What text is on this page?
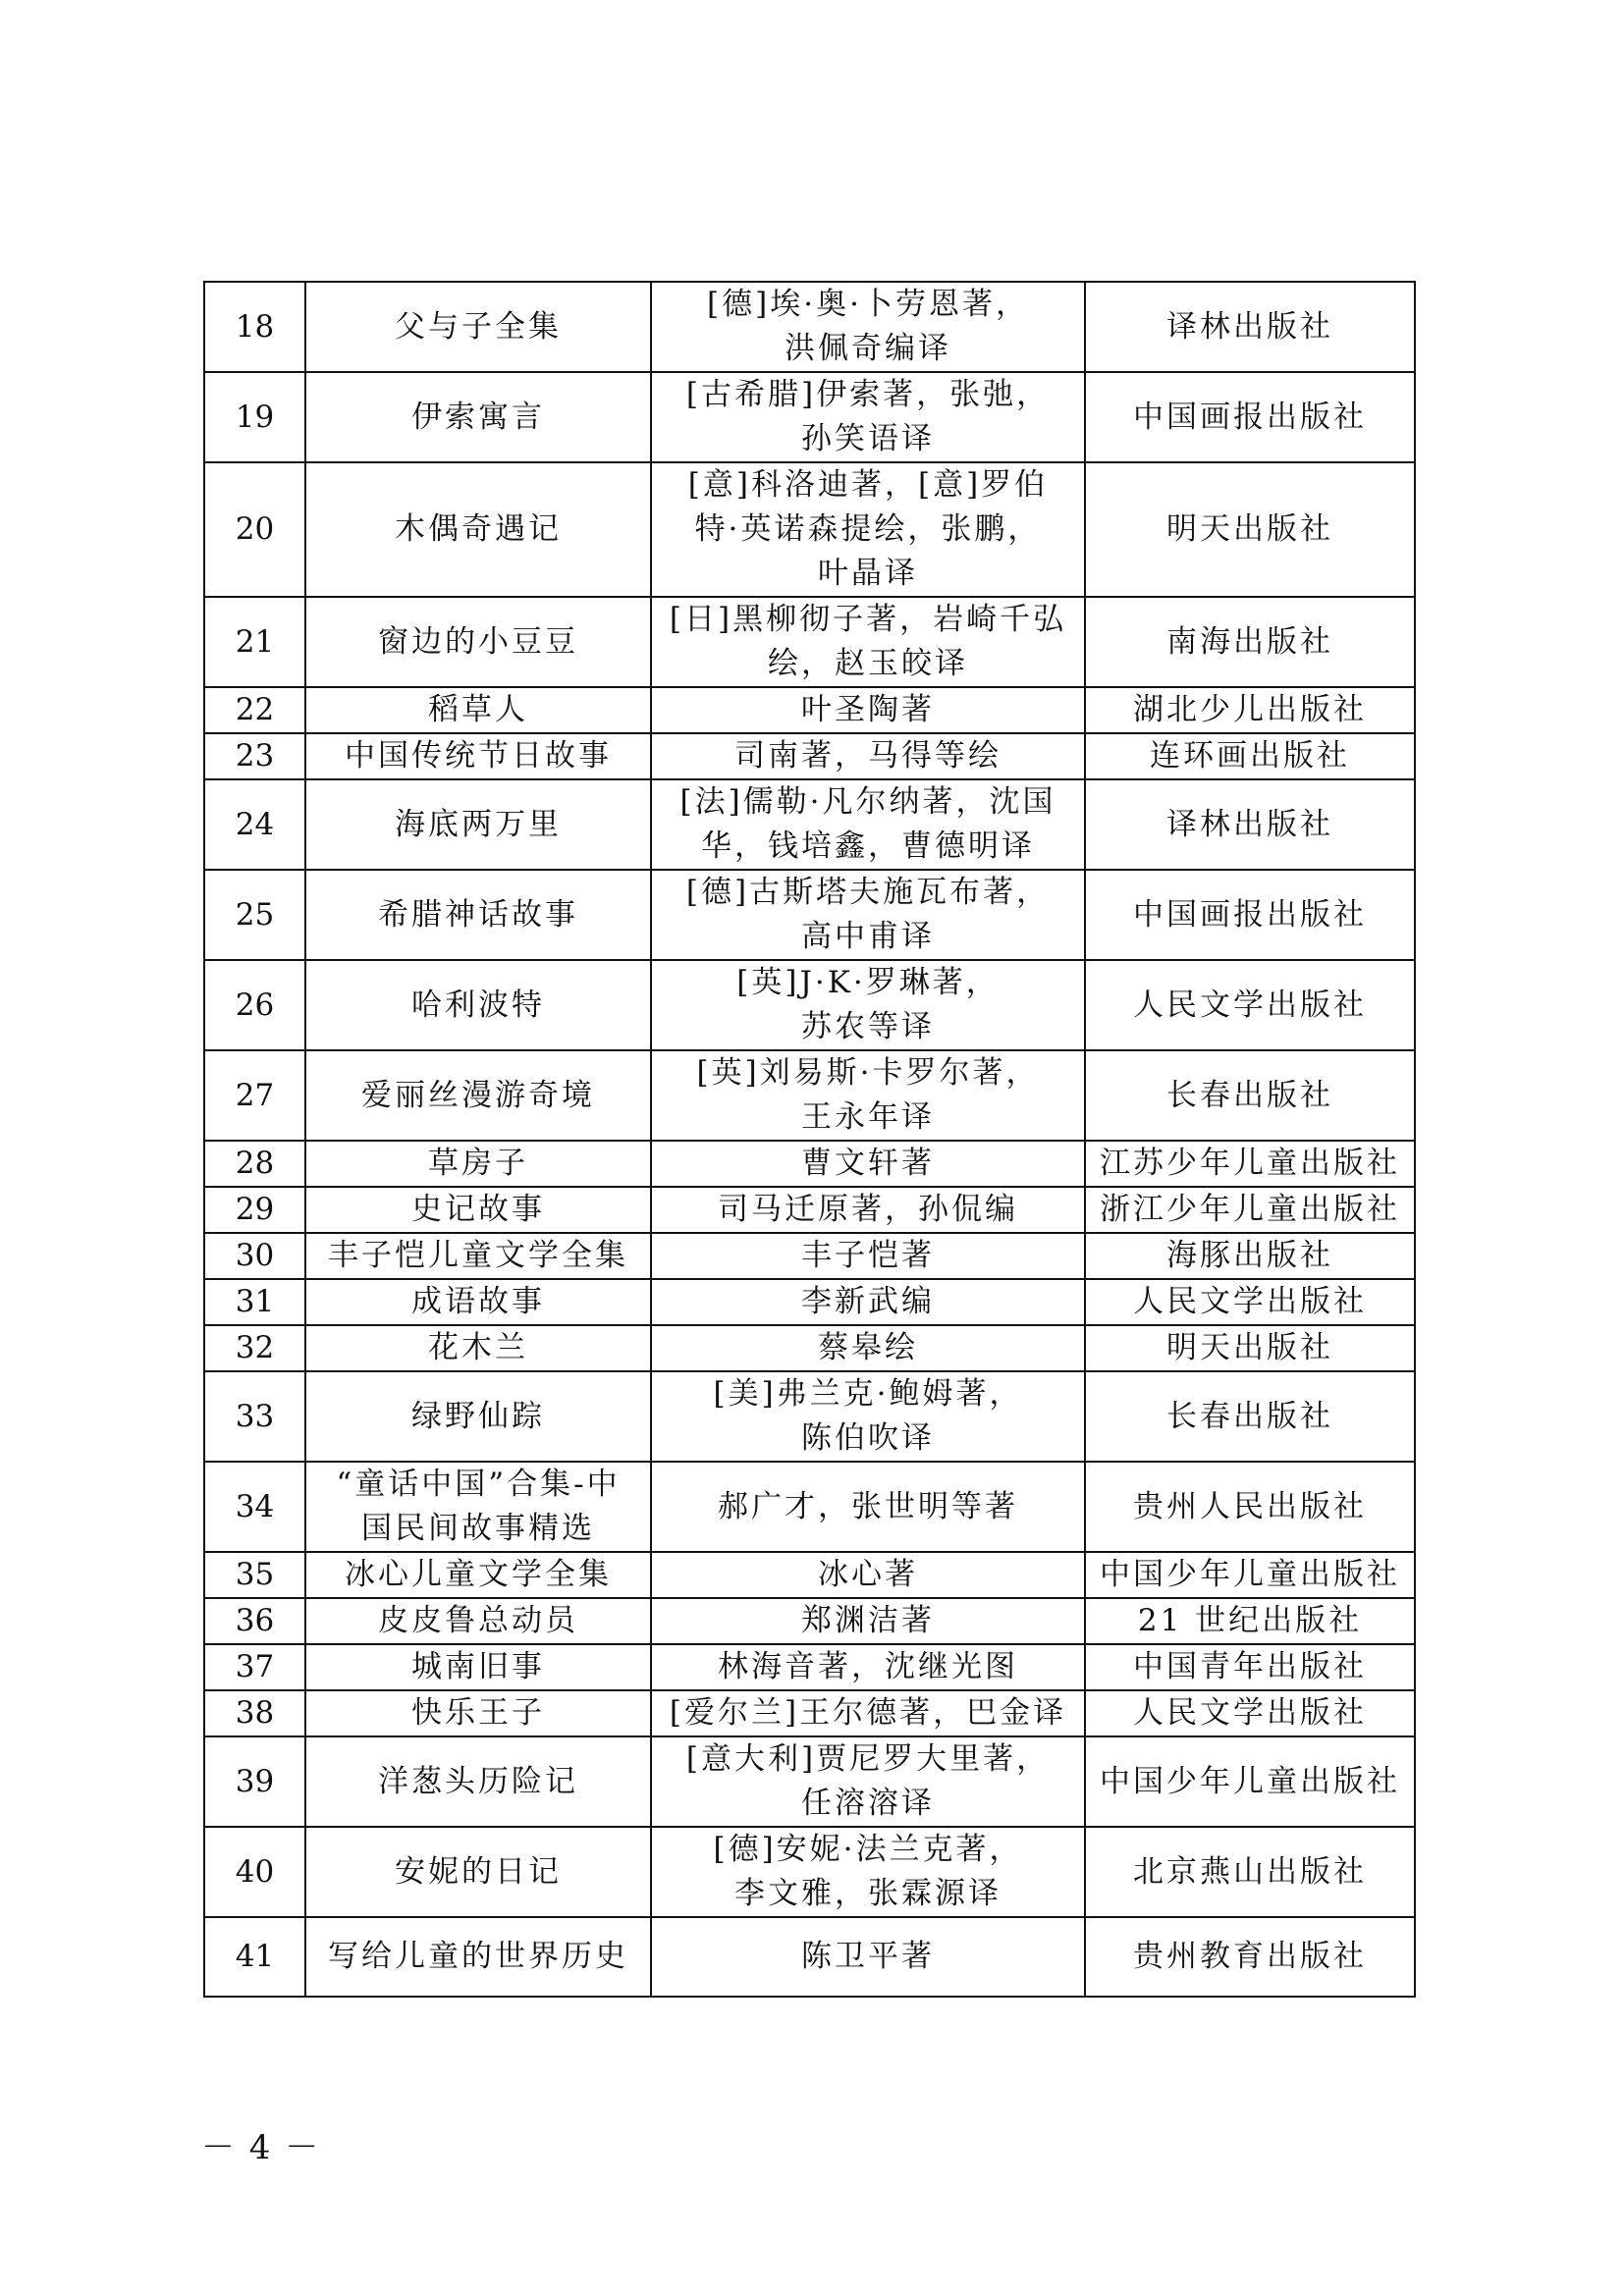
18	父与子全集	[德]埃·奥·卜劳恩著，
洪佩奇编译	译林出版社
19	伊索寓言	[古希腊]伊索著，张弛，
孙笑语译	中国画报出版社
20	木偶奇遇记	[意]科洛迪著，[意]罗伯
特·英诺森提绘，张鹏，
叶晶译	明天出版社
21	窗边的小豆豆	[日]黑柳彻子著，岩崎千弘
绘，赵玉皎译	南海出版社
22	稻草人	叶圣陶著	湖北少儿出版社
23	中国传统节日故事	司南著，马得等绘	连环画出版社
24	海底两万里	[法]儒勒·凡尔纳著，沈国
华，钱培鑫，曹德明译	译林出版社
25	希腊神话故事	[德]古斯塔夫施瓦布著，
高中甫译	中国画报出版社
26	哈利波特	[英]J·K·罗琳著，
苏农等译	人民文学出版社
27	爱丽丝漫游奇境	[英]刘易斯·卡罗尔著，
王永年译	长春出版社
28	草房子	曹文轩著	江苏少年儿童出版社
29	史记故事	司马迁原著，孙侃编	浙江少年儿童出版社
30	丰子恺儿童文学全集	丰子恺著	海豚出版社
31	成语故事	李新武编	人民文学出版社
32	花木兰	蔡皋绘	明天出版社
33	绿野仙踪	[美]弗兰克·鲍姆著，
陈伯吹译	长春出版社
34	“童话中国”合集-中
国民间故事精选	郝广才，张世明等著	贵州人民出版社
35	冰心儿童文学全集	冰心著	中国少年儿童出版社
36	皮皮鲁总动员	郑渊洁著	21 世纪出版社
37	城南旧事	林海音著，沈继光图	中国青年出版社
38	快乐王子	[爱尔兰]王尔德著，巴金译	人民文学出版社
39	洋葱头历险记	[意大利]贾尼罗大里著，
任溶溶译	中国少年儿童出版社
40	安妮的日记	[德]安妮·法兰克著，
李文雅，张霖源译	北京燕山出版社
41	写给儿童的世界历史	陈卫平著	贵州教育出版社
－ 4 －
